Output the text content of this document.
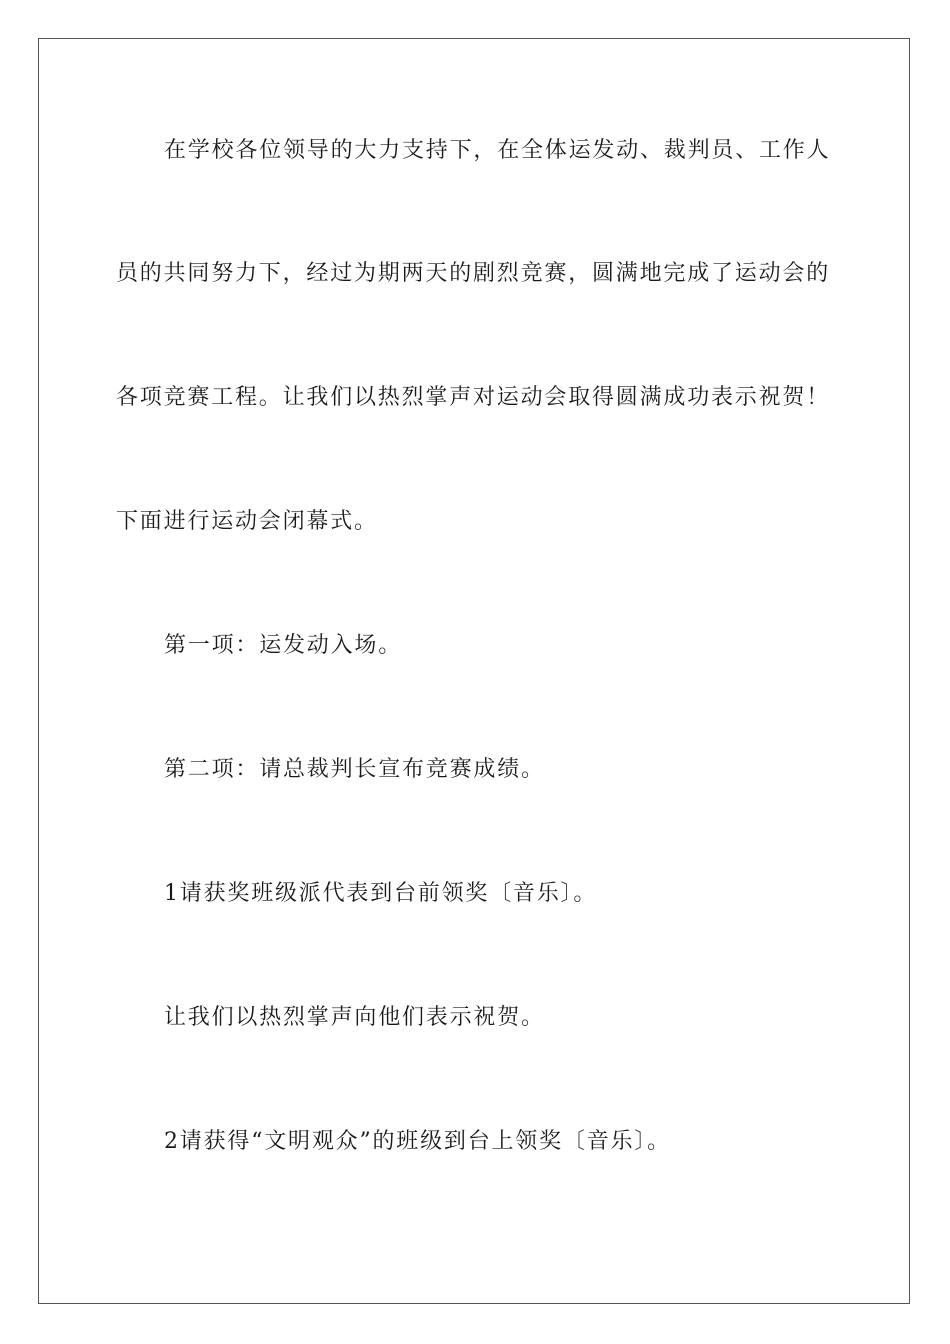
在学校各位领导的大力支持下，在全体运发动、裁判员、工作人
员的共同努力下，经过为期两天的剧烈竞赛，圆满地完成了运动会的
各项竞赛工程。让我们以热烈掌声对运动会取得圆满成功表示祝贺！
下面进行运动会闭幕式。
第一项：运发动入场。
第二项：请总裁判长宣布竞赛成绩。
1请获奖班级派代表到台前领奖〔音乐〕。
让我们以热烈掌声向他们表示祝贺。
2请获得“文明观众”的班级到台上领奖〔音乐〕。
